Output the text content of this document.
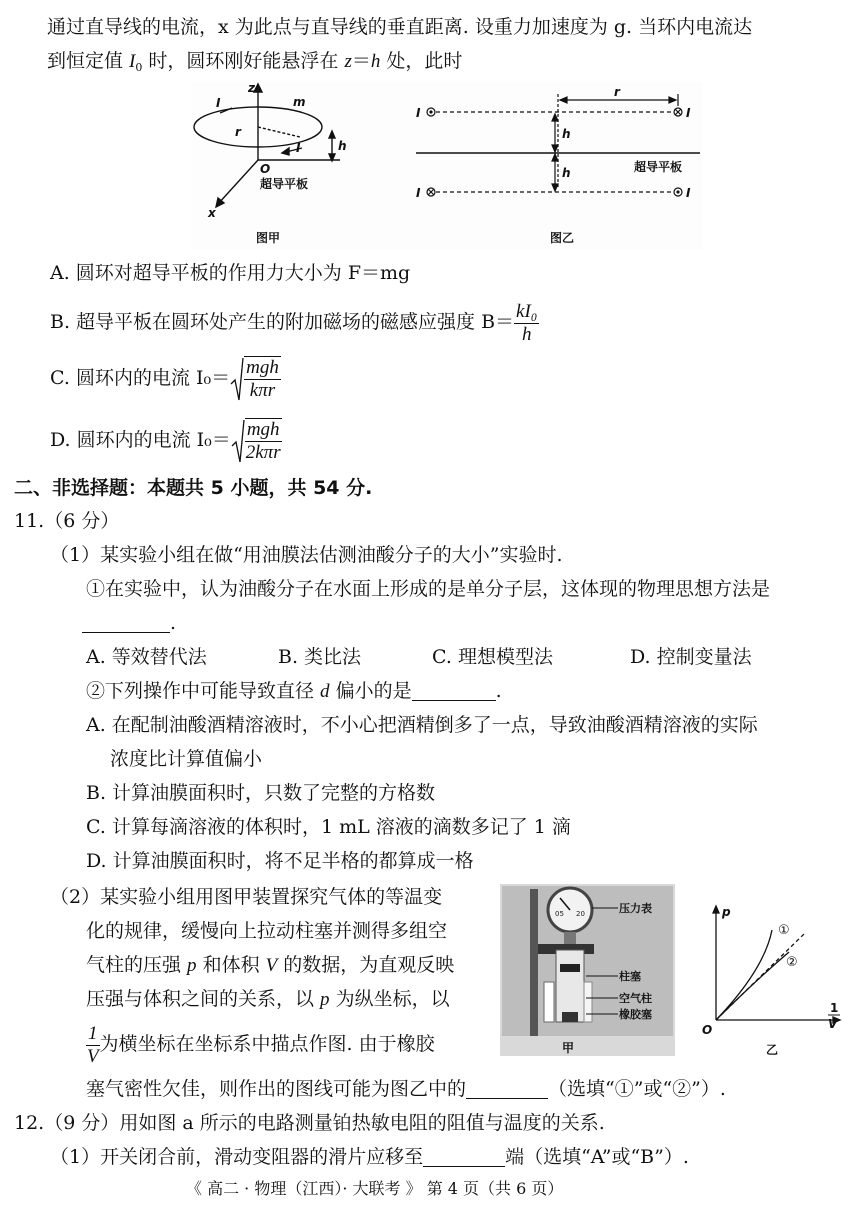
通过直导线的电流，x 为此点与直导线的垂直距离. 设重力加速度为 g. 当环内电流达
到恒定值 $I_0$ 时，圆环刚好能悬浮在 z＝h 处，此时
I
z
m
r
I	h
O
x
超导平板
图甲
I	I
I	I
r
h
h	超导平板
图乙
A. 圆环对超导平板的作用力大小为 F＝mg
B. 超导平板在圆环处产生的附加磁场的磁感应强度 $B= \frac{\text{kI₀}}{h}$
C. 圆环内的电流 $I_0= \frac{\text{mgh}}{\text{kπr}}$
D. 圆环内的电流 $I_0= \frac{\text{mgh}}{\text{2kπr}}$
二、非选择题：本题共 5 小题，共 54 分.
11.（6 分）
（1）某实验小组在做“用油膜法估测油酸分子的大小”实验时.
①在实验中，认为油酸分子在水面上形成的是单分子层，这体现的物理思想方法是
.
A. 等效替代法	B. 类比法	C. 理想模型法	D. 控制变量法
②下列操作中可能导致直径 d 偏小的是	.
A. 在配制油酸酒精溶液时，不小心把酒精倒多了一点，导致油酸酒精溶液的实际
浓度比计算值偏小
B. 计算油膜面积时，只数了完整的方格数
C. 计算每滴溶液的体积时，1 mL 溶液的滴数多记了 1 滴
D. 计算油膜面积时，将不足半格的都算成一格
（2）某实验小组用图甲装置探究气体的等温变
化的规律，缓慢向上拉动柱塞并测得多组空
气柱的压强 p 和体积 V 的数据，为直观反映
压强与体积之间的关系，以 p 为纵坐标，以
$\frac{1}{V}$ 为横坐标在坐标系中描点作图. 由于橡胶
塞气密性欠佳，则作出的图线可能为图乙中的	（选填“①”或“②”）.
05 20	压力表
柱塞
空气柱
橡胶塞
甲
p
O
1
V
①
②
乙
12.（9 分）用如图 a 所示的电路测量铂热敏电阻的阻值与温度的关系.
（1）开关闭合前，滑动变阻器的滑片应移至	端（选填“A”或“B”）.
《 高二 · 物理（江西）· 大联考 》 第 4 页（共 6 页）
